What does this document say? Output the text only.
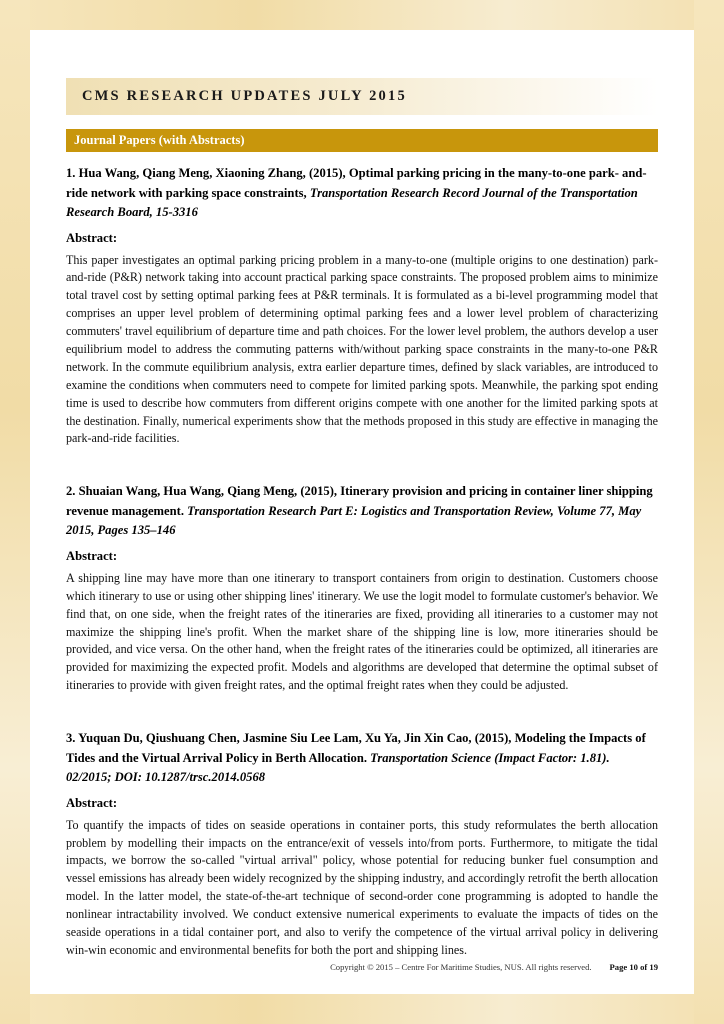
CMS RESEARCH UPDATES JULY 2015
Journal Papers (with Abstracts)
1. Hua Wang, Qiang Meng, Xiaoning Zhang, (2015), Optimal parking pricing in the many-to-one park- and- ride network with parking space constraints, Transportation Research Record Journal of the Transportation Research Board, 15-3316
Abstract:
This paper investigates an optimal parking pricing problem in a many-to-one (multiple origins to one destination) park-and-ride (P&R) network taking into account practical parking space constraints. The proposed problem aims to minimize total travel cost by setting optimal parking fees at P&R terminals. It is formulated as a bi-level programming model that comprises an upper level problem of determining optimal parking fees and a lower level problem of characterizing commuters' travel equilibrium of departure time and path choices. For the lower level problem, the authors develop a user equilibrium model to address the commuting patterns with/without parking space constraints in the many-to-one P&R network. In the commute equilibrium analysis, extra earlier departure times, defined by slack variables, are introduced to examine the conditions when commuters need to compete for limited parking spots. Meanwhile, the parking spot ending time is used to describe how commuters from different origins compete with one another for the limited parking spots at the destination. Finally, numerical experiments show that the methods proposed in this study are effective in managing the park-and-ride facilities.
2. Shuaian Wang, Hua Wang, Qiang Meng, (2015), Itinerary provision and pricing in container liner shipping revenue management. Transportation Research Part E: Logistics and Transportation Review, Volume 77, May 2015, Pages 135–146
Abstract:
A shipping line may have more than one itinerary to transport containers from origin to destination. Customers choose which itinerary to use or using other shipping lines' itinerary. We use the logit model to formulate customer's behavior. We find that, on one side, when the freight rates of the itineraries are fixed, providing all itineraries to a customer may not maximize the shipping line's profit. When the market share of the shipping line is low, more itineraries should be provided, and vice versa. On the other hand, when the freight rates of the itineraries could be optimized, all itineraries are provided for maximizing the expected profit. Models and algorithms are developed that determine the optimal subset of itineraries to provide with given freight rates, and the optimal freight rates when they could be adjusted.
3. Yuquan Du, Qiushuang Chen, Jasmine Siu Lee Lam, Xu Ya, Jin Xin Cao, (2015), Modeling the Impacts of Tides and the Virtual Arrival Policy in Berth Allocation. Transportation Science (Impact Factor: 1.81). 02/2015; DOI: 10.1287/trsc.2014.0568
Abstract:
To quantify the impacts of tides on seaside operations in container ports, this study reformulates the berth allocation problem by modelling their impacts on the entrance/exit of vessels into/from ports. Furthermore, to mitigate the tidal impacts, we borrow the so-called "virtual arrival" policy, whose potential for reducing bunker fuel consumption and vessel emissions has already been widely recognized by the shipping industry, and accordingly retrofit the berth allocation model. In the latter model, the state-of-the-art technique of second-order cone programming is adopted to handle the nonlinear intractability involved. We conduct extensive numerical experiments to evaluate the impacts of tides on the seaside operations in a tidal container port, and also to verify the competence of the virtual arrival policy in delivering win-win economic and environmental benefits for both the port and shipping lines.
Copyright © 2015 – Centre For Maritime Studies, NUS. All rights reserved. Page 10 of 19
